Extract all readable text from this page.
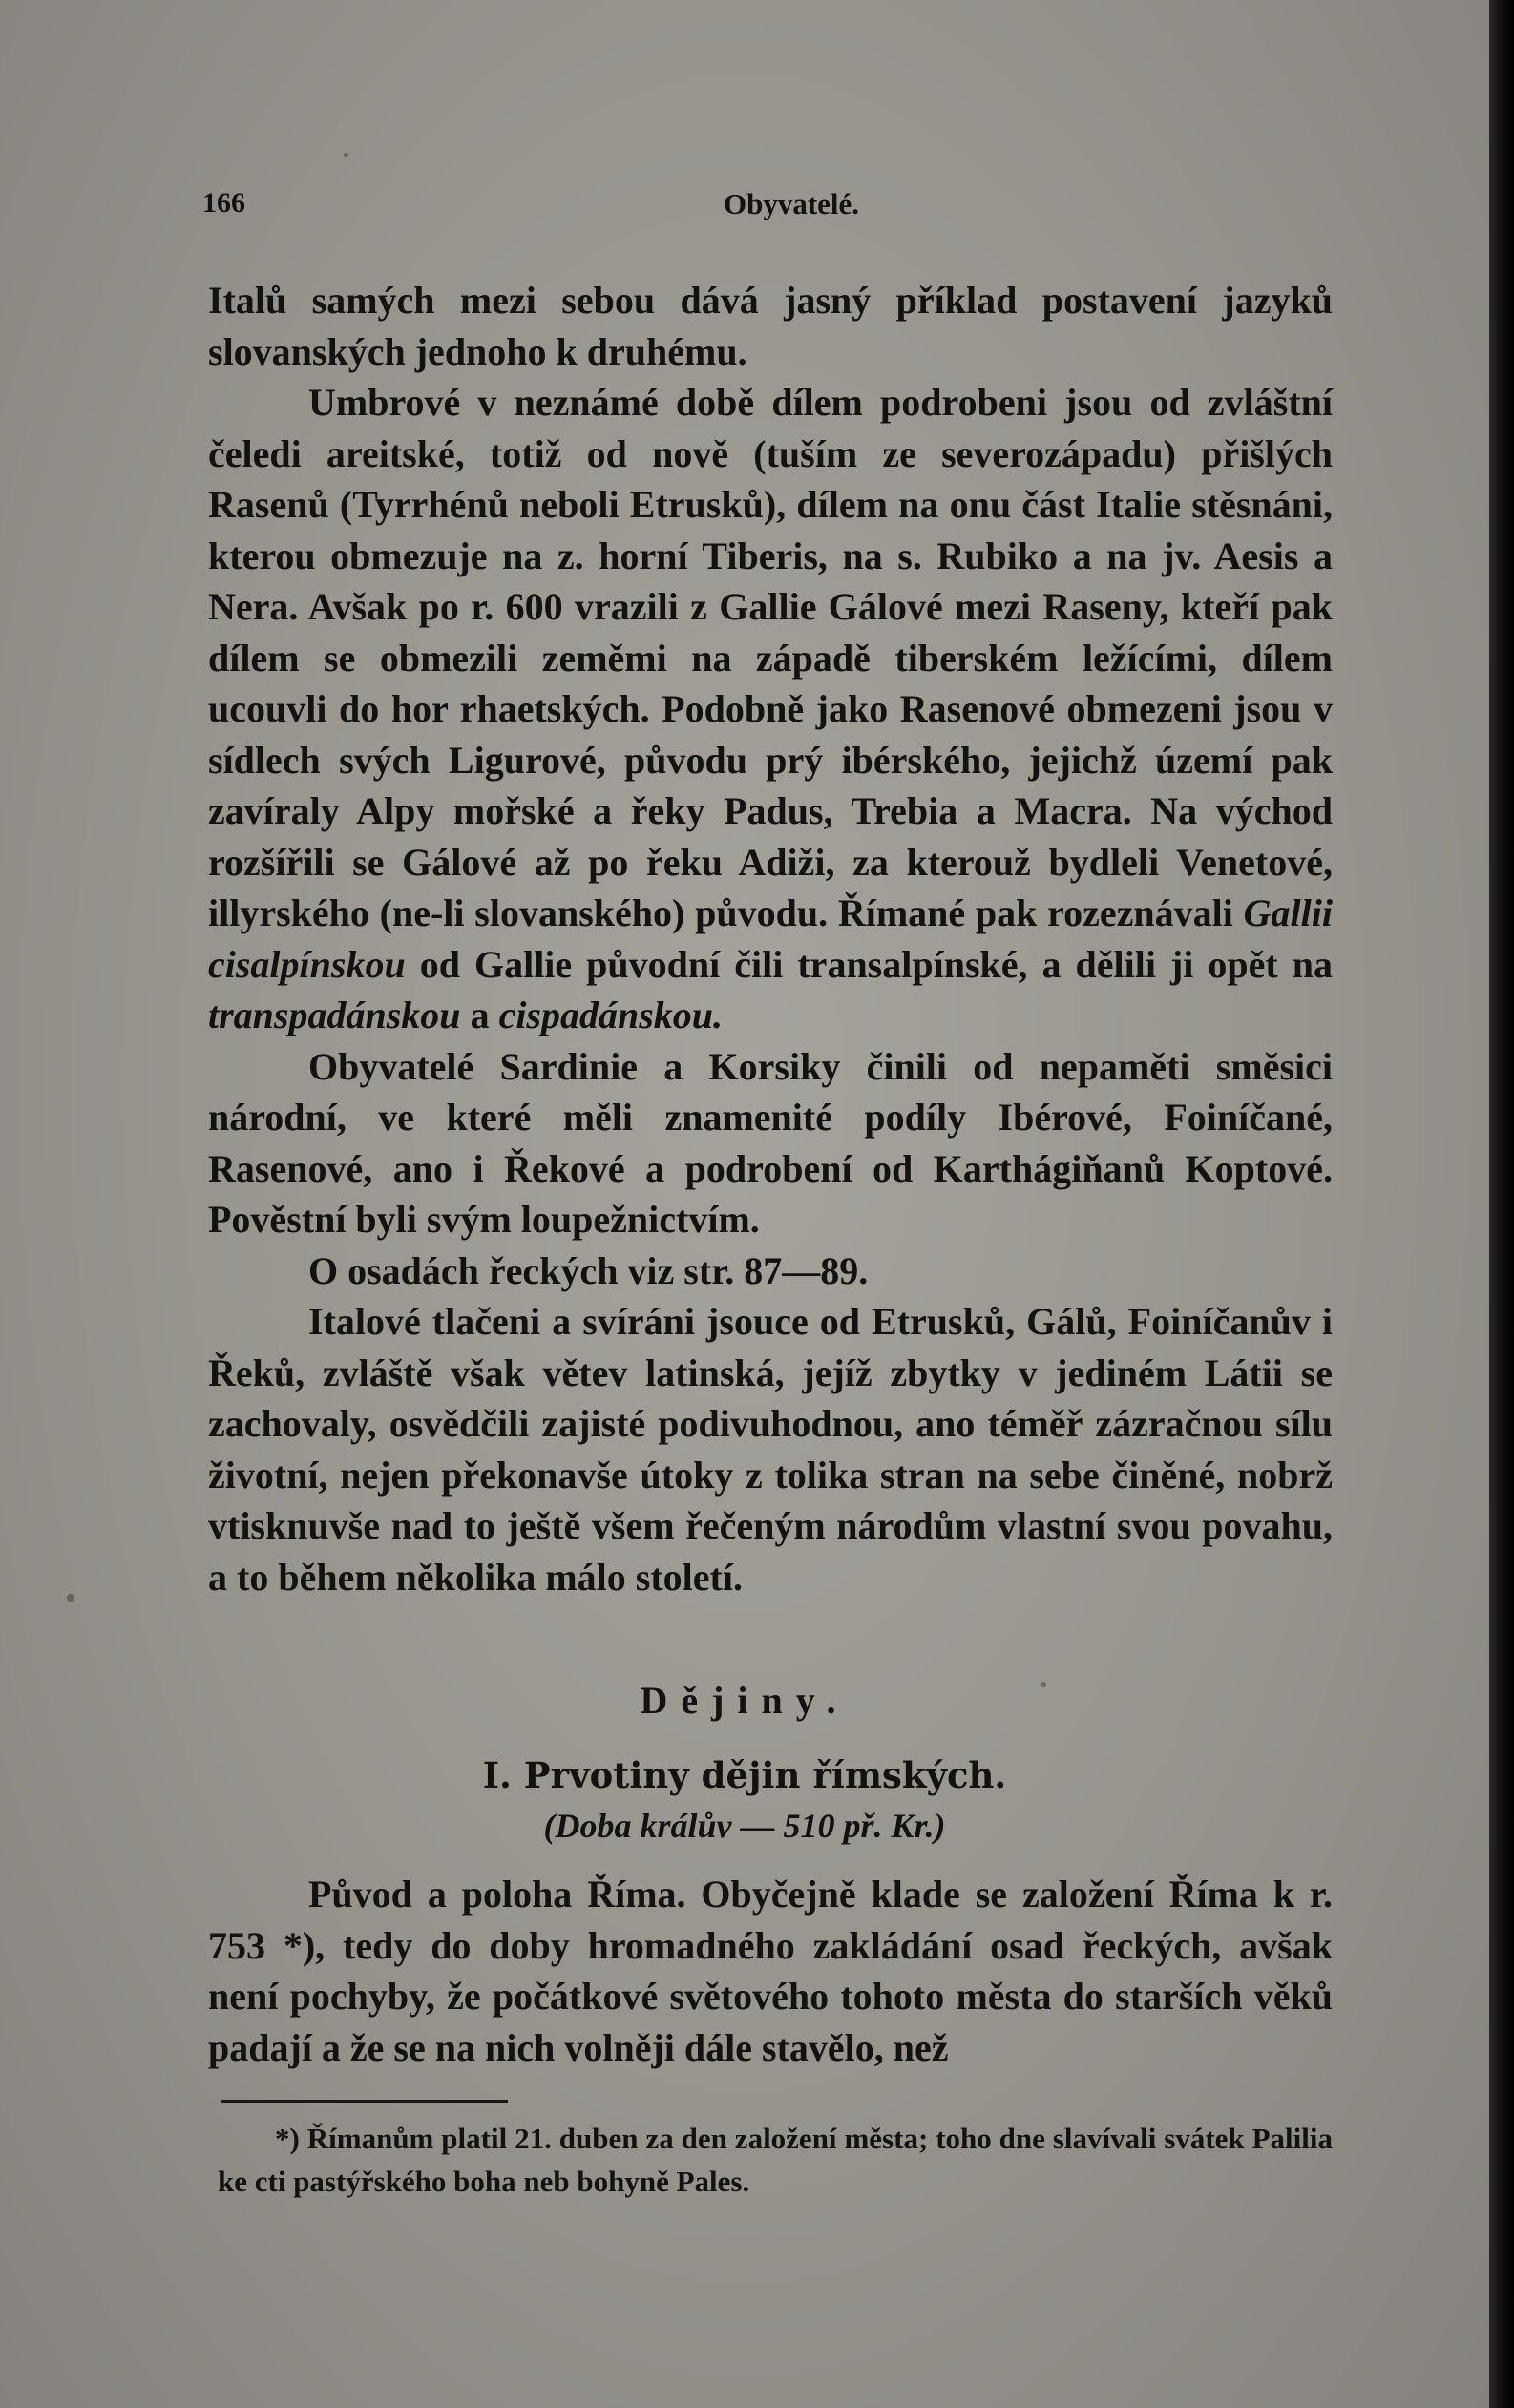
166	Obyvatelé.

Italů samých mezi sebou dává jasný příklad postavení jazyků slovanských jednoho k druhému.

Umbrové v neznámé době dílem podrobeni jsou od zvláštní čeledi areitské, totiž od nově (tuším ze severozápadu) přišlých Rasenů (Tyrrhénů neboli Etrusků), dílem na onu část Italie stěsnáni, kterou obmezuje na z. horní Tiberis, na s. Rubiko a na jv. Aesis a Nera. Avšak po r. 600 vrazili z Gallie Gálové mezi Raseny, kteří pak dílem se obmezili zeměmi na západě tiberském ležícími, dílem ucouvli do hor rhaetských. Podobně jako Rasenové obmezeni jsou v sídlech svých Ligurové, původu prý ibérského, jejichž území pak zavíraly Alpy mořské a řeky Padus, Trebia a Macra. Na východ rozšířili se Gálové až po řeku Adiži, za kterouž bydleli Venetové, illyrského (ne-li slovanského) původu. Římané pak rozeznávali Gallii cisalpínskou od Gallie původní čili transalpínské, a dělili ji opět na transpadánskou a cispadánskou.

Obyvatelé Sardinie a Korsiky činili od nepaměti směsici národní, ve které měli znamenité podíly Ibérové, Foiníčané, Rasenové, ano i Řekové a podrobení od Karthágiňanů Koptové. Pověstní byli svým loupežnictvím.

O osadách řeckých viz str. 87—89.

Italové tlačeni a svíráni jsouce od Etrusků, Gálů, Foiníčanův i Řeků, zvláště však větev latinská, jejíž zbytky v jediném Látii se zachovaly, osvědčili zajisté podivuhodnou, ano téměř zázračnou sílu životní, nejen překonavše útoky z tolika stran na sebe činěné, nobrž vtisknuvše nad to ještě všem řečeným národům vlastní svou povahu, a to během několika málo století.

Dějiny.
I. Prvotiny dějin římských.
(Doba králův — 510 př. Kr.)

Původ a poloha Říma. Obyčejně klade se založení Říma k r. 753 *), tedy do doby hromadného zakládání osad řeckých, avšak není pochyby, že počátkové světového tohoto města do starších věků padají a že se na nich volněji dále stavělo, než

*) Římanům platil 21. duben za den založení města; toho dne slavívali svátek Palilia ke cti pastýřského boha neb bohyně Pales.
